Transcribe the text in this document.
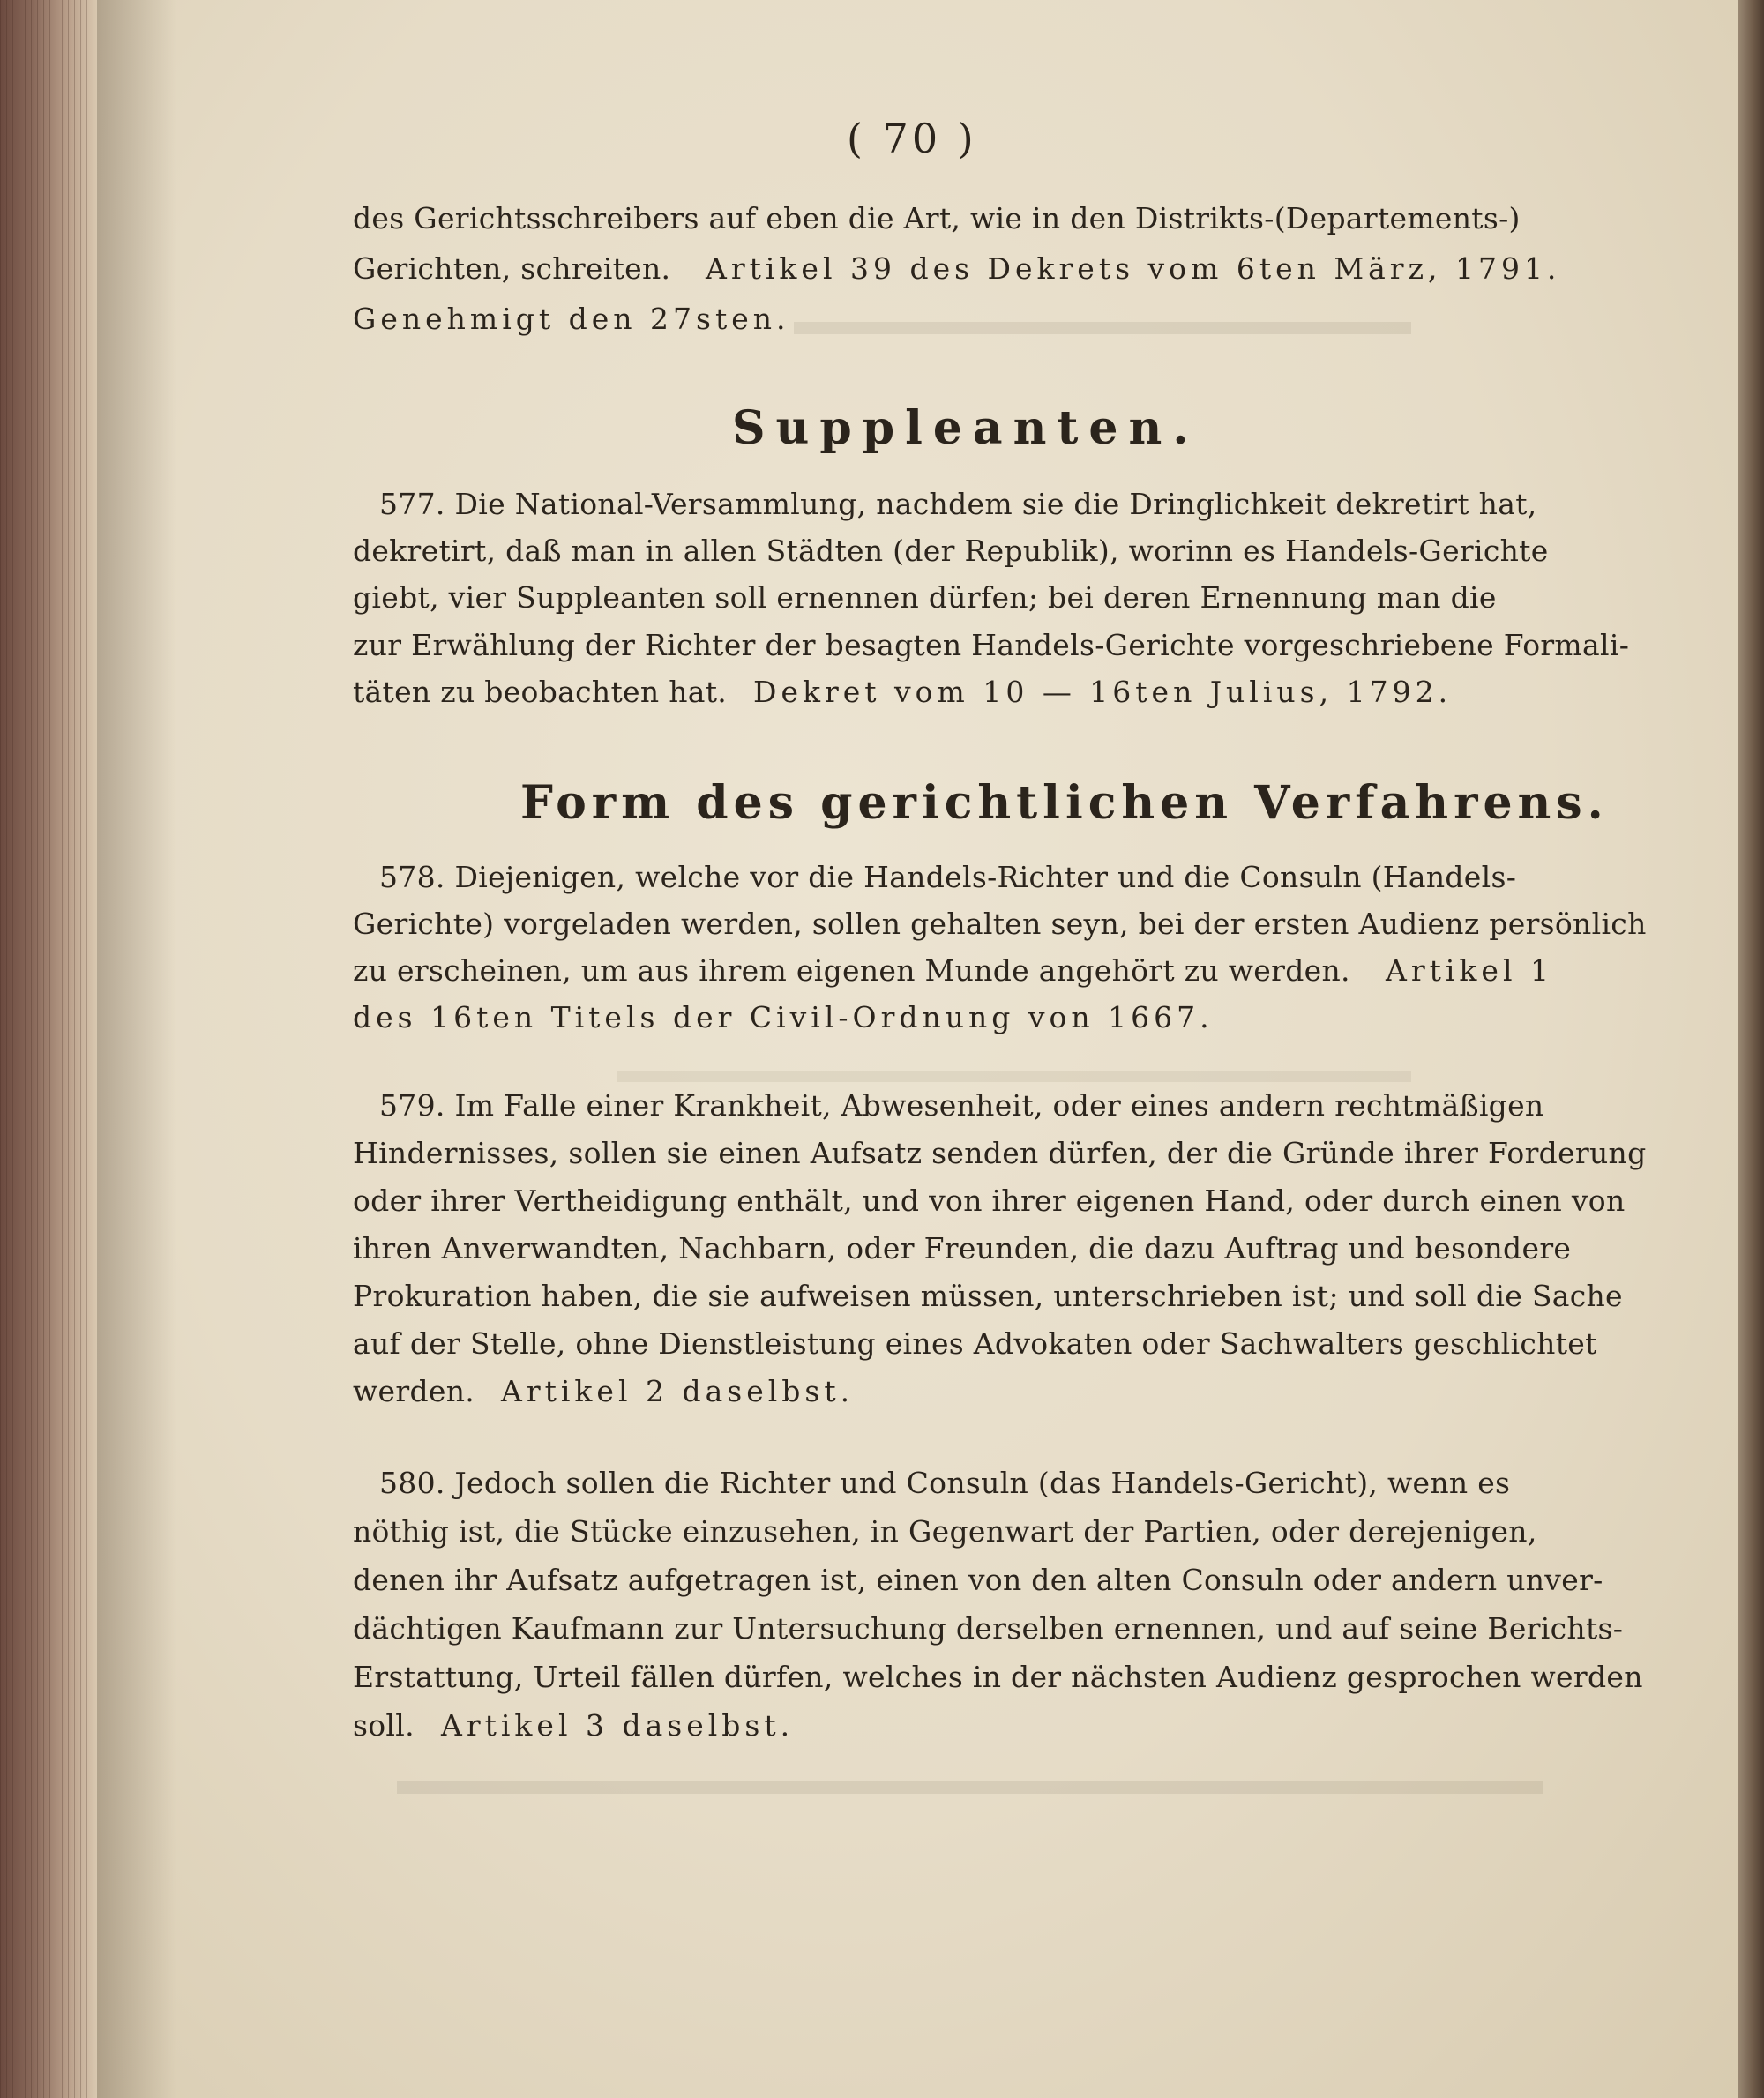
( 70 )
des Gerichtsschreibers auf eben die Art, wie in den Distrikts-(Departements-)
Gerichten, schreiten. Artikel 39 des Dekrets vom 6ten März, 1791.
Genehmigt den 27sten.
Suppleanten.
577. Die National-Versammlung, nachdem sie die Dringlichkeit dekretirt hat,
dekretirt, daß man in allen Städten (der Republik), worinn es Handels-Gerichte
giebt, vier Suppleanten soll ernennen dürfen; bei deren Ernennung man die
zur Erwählung der Richter der besagten Handels-Gerichte vorgeschriebene Formali-
täten zu beobachten hat. Dekret vom 10 — 16ten Julius, 1792.
Form des gerichtlichen Verfahrens.
578. Diejenigen, welche vor die Handels-Richter und die Consuln (Handels-
Gerichte) vorgeladen werden, sollen gehalten seyn, bei der ersten Audienz persönlich
zu erscheinen, um aus ihrem eigenen Munde angehört zu werden. Artikel 1
des 16ten Titels der Civil-Ordnung von 1667.
579. Im Falle einer Krankheit, Abwesenheit, oder eines andern rechtmäßigen
Hindernisses, sollen sie einen Aufsatz senden dürfen, der die Gründe ihrer Forderung
oder ihrer Vertheidigung enthält, und von ihrer eigenen Hand, oder durch einen von
ihren Anverwandten, Nachbarn, oder Freunden, die dazu Auftrag und besondere
Prokuration haben, die sie aufweisen müssen, unterschrieben ist; und soll die Sache
auf der Stelle, ohne Dienstleistung eines Advokaten oder Sachwalters geschlichtet
werden. Artikel 2 daselbst.
580. Jedoch sollen die Richter und Consuln (das Handels-Gericht), wenn es
nöthig ist, die Stücke einzusehen, in Gegenwart der Partien, oder derejenigen,
denen ihr Aufsatz aufgetragen ist, einen von den alten Consuln oder andern unver-
dächtigen Kaufmann zur Untersuchung derselben ernennen, und auf seine Berichts-
Erstattung, Urteil fällen dürfen, welches in der nächsten Audienz gesprochen werden
soll. Artikel 3 daselbst.
